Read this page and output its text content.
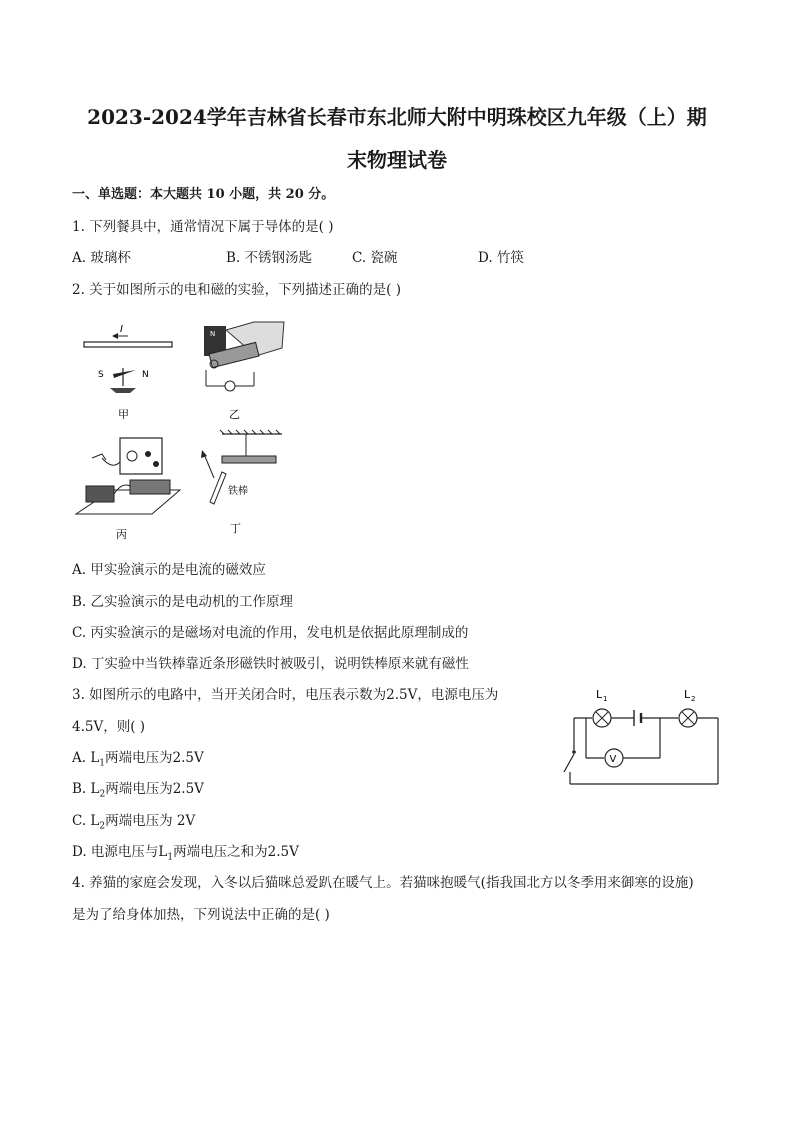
2023-2024学年吉林省长春市东北师大附中明珠校区九年级（上）期
末物理试卷
一、单选题：本大题共 10 小题，共 20 分。
1. 下列餐具中，通常情况下属于导体的是( )
A. 玻璃杯	B. 不锈钢汤匙	C. 瓷碗	D. 竹筷
2. 关于如图所示的电和磁的实验，下列描述正确的是( )
I
S	N
甲
N
乙
丙
铁棒
丁
A. 甲实验演示的是电流的磁效应
B. 乙实验演示的是电动机的工作原理
C. 丙实验演示的是磁场对电流的作用，发电机是依据此原理制成的
D. 丁实验中当铁棒靠近条形磁铁时被吸引，说明铁棒原来就有磁性
3. 如图所示的电路中，当开关闭合时，电压表示数为2.5V，电源电压为
4.5V，则( )
V
L 1	L 2
A. $L_1$两端电压为2.5V
B. $L_2$两端电压为2.5V
C. $L_2$两端电压为 2V
D. 电源电压与$L_1$两端电压之和为2.5V
4. 养猫的家庭会发现，入冬以后猫咪总爱趴在暖气上。若猫咪抱暖气(指我国北方以冬季用来御寒的设施)
是为了给身体加热，下列说法中正确的是( )
